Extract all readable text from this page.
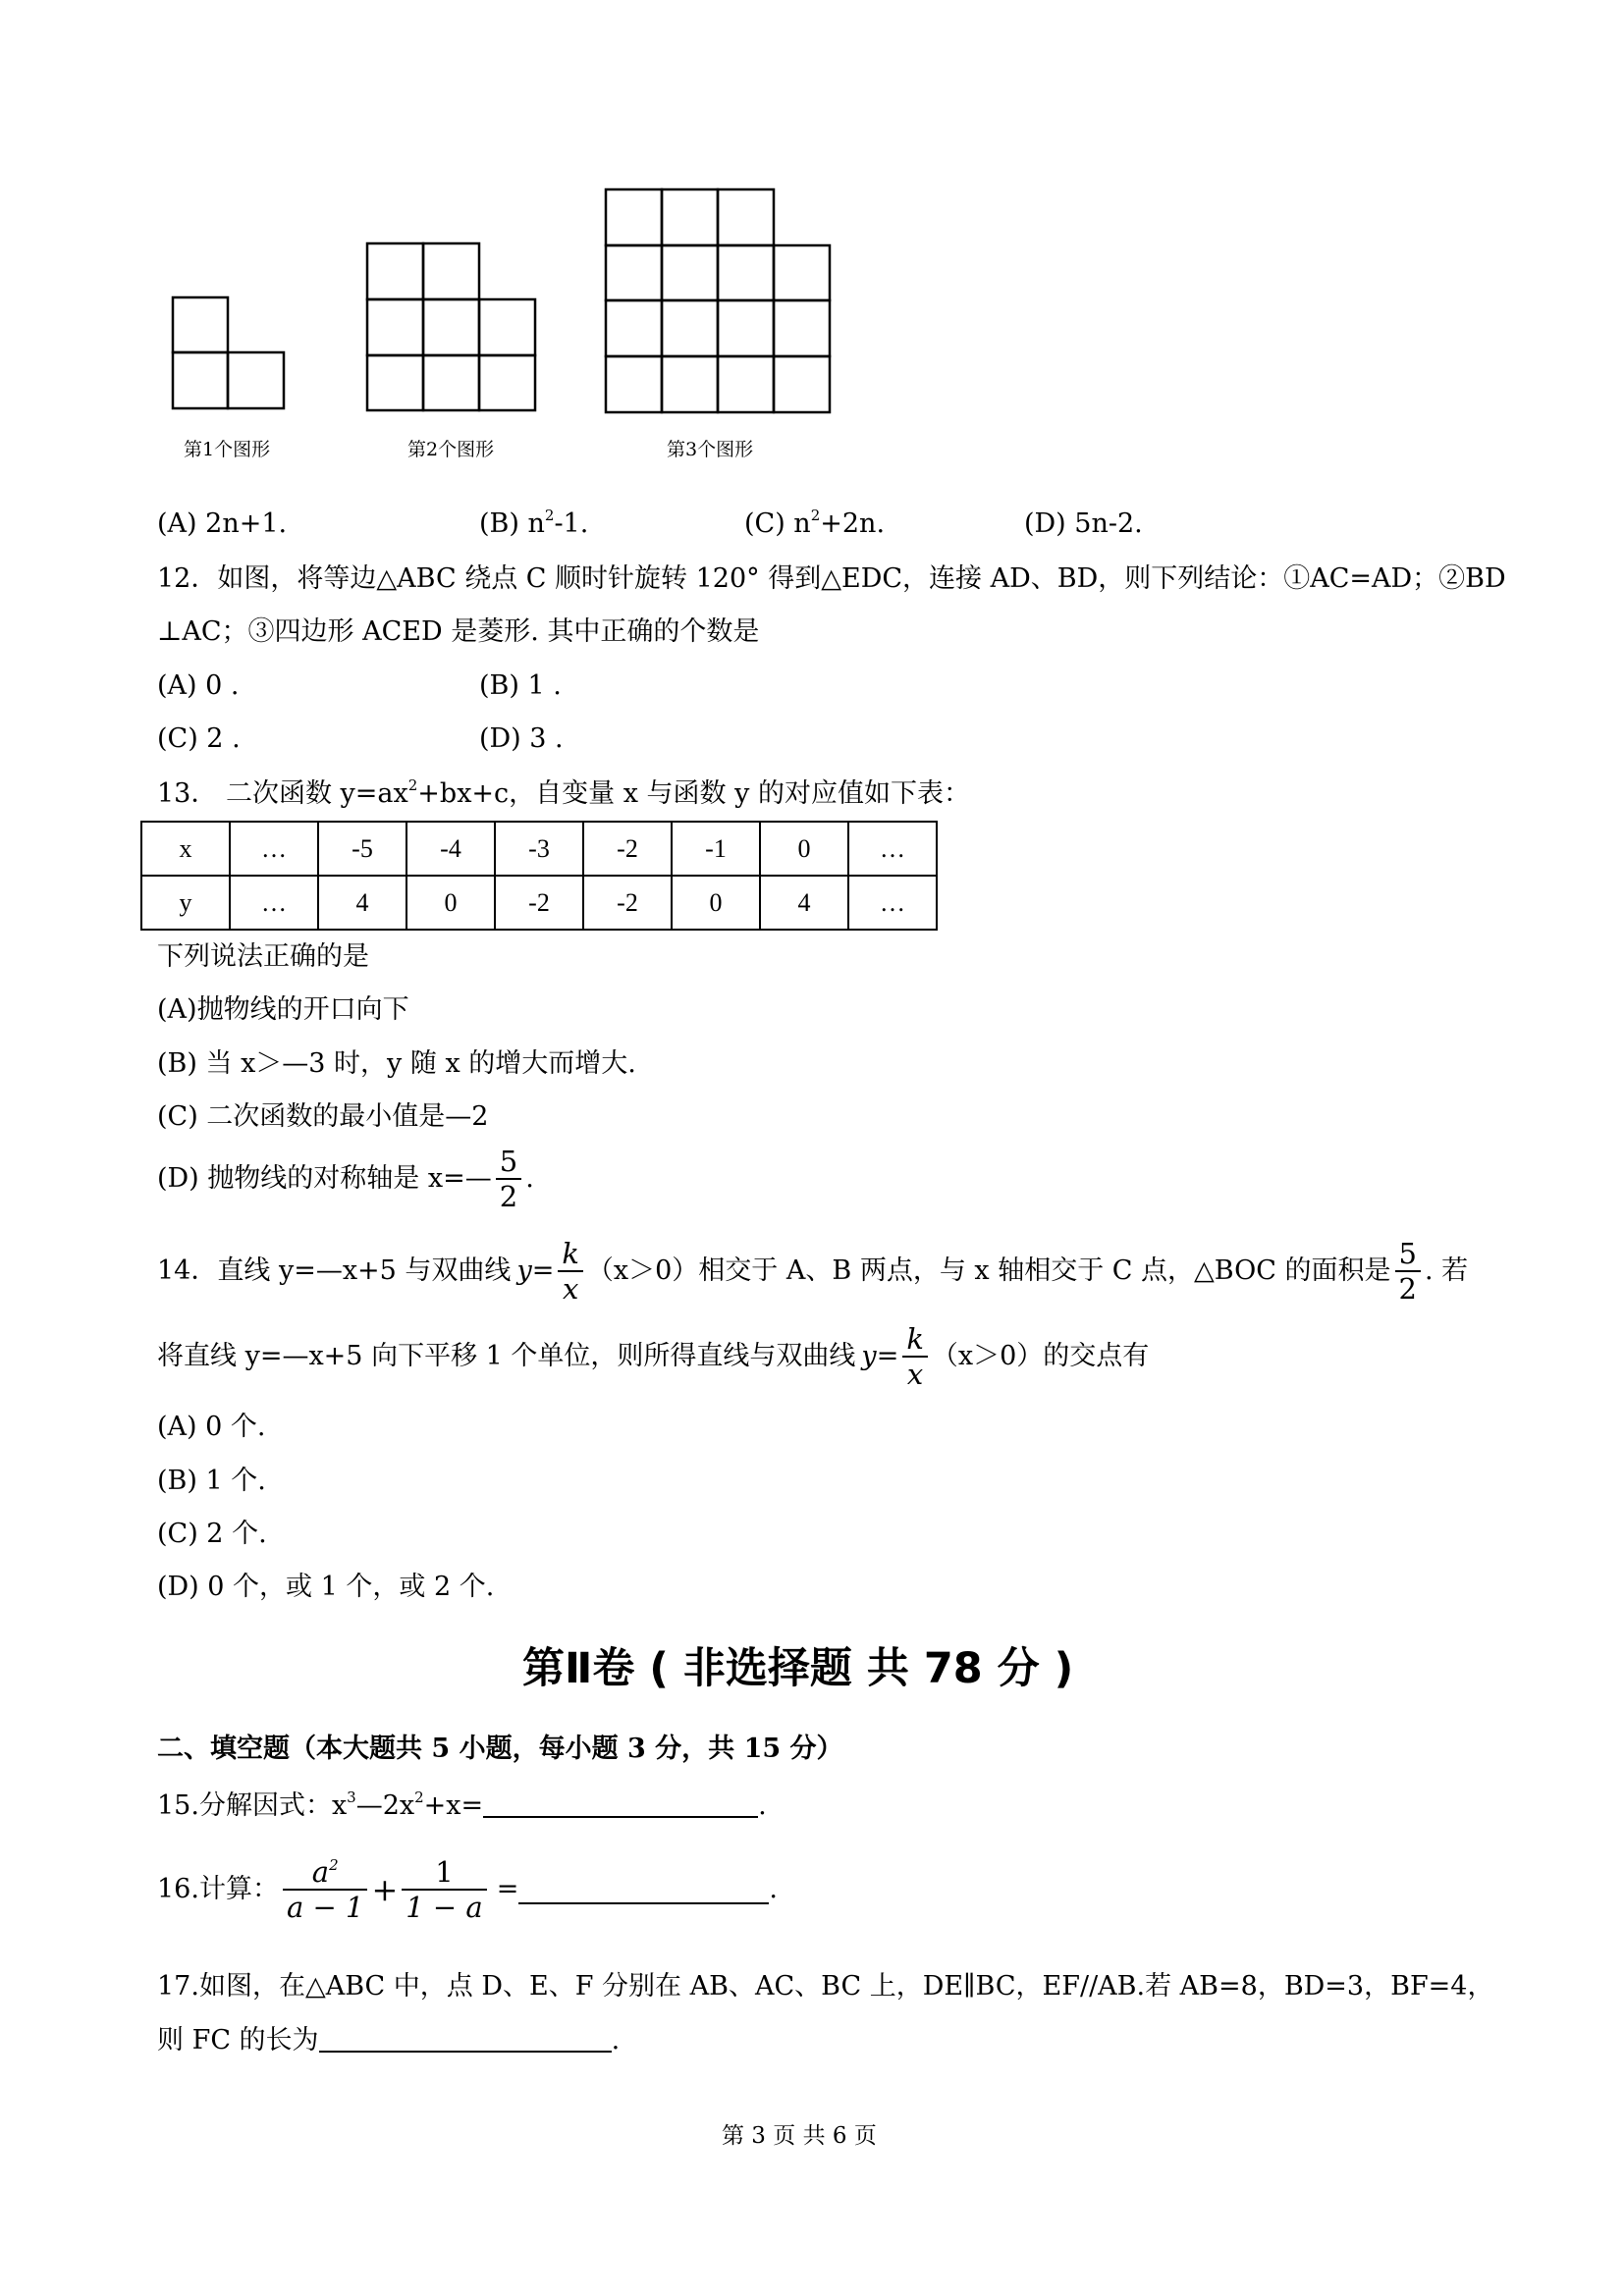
第1个图形	第2个图形	第3个图形
(A) 2n+1.	(B) $n^2-1$.	(C) $n^2+2n$.	(D) 5n-2.
12．如图，将等边△ABC 绕点 C 顺时针旋转 120° 得到△EDC，连接 AD、BD，则下列结论：①AC=AD；②BD
⊥AC；③四边形 ACED 是菱形. 其中正确的个数是
(A) 0 .	(B) 1 .
(C) 2 .	(D) 3 .
13． 二次函数 $y=ax^2+bx+c$，自变量 x 与函数 y 的对应值如下表：
x	…	-5	-4	-3	-2	-1	0	…
y	…	4	0	-2	-2	0	4	…
下列说法正确的是
(A)抛物线的开口向下
(B) 当 x＞—3 时，y 随 x 的增大而增大.
(C) 二次函数的最小值是—2
(D) 抛物线的对称轴是 x=— $\frac{5}{2}$ .
14．直线 y=—x+5 与双曲线 $y= \frac{k}{x} (x>0)$相交于 A、B 两点，与 x 轴相交于 C 点，△BOC 的面积是 $\frac{5}{2}$ . 若
将直线 y=—x+5 向下平移 1 个单位，则所得直线与双曲线 $y= \frac{k}{x} (x>0)$的交点有
(A) 0 个.
(B) 1 个.
(C) 2 个.
(D) 0 个，或 1 个，或 2 个.
第Ⅱ卷 ( 非选择题 共 78 分 )
二、填空题（本大题共 5 小题，每小题 3 分，共 15 分）
15.分解因式：$x^3—2x^2+x=$	.
16.计算： $\frac{a^2}{a - 1} + \frac{1}{1 - a}$ =	.
17.如图，在△ABC 中，点 D、E、F 分别在 AB、AC、BC 上，DE∥BC，EF//AB.若 AB=8，BD=3，BF=4，
则 FC 的长为	.
第 3 页 共 6 页
